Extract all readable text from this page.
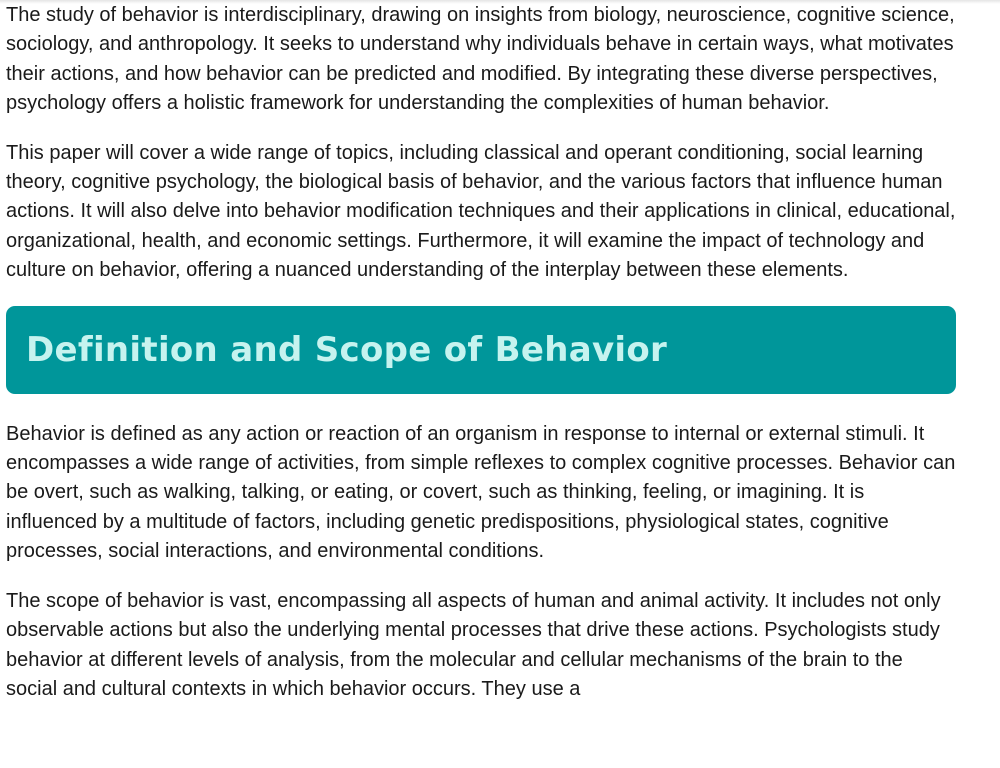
The study of behavior is interdisciplinary, drawing on insights from biology, neuroscience, cognitive science, sociology, and anthropology. It seeks to understand why individuals behave in certain ways, what motivates their actions, and how behavior can be predicted and modified. By integrating these diverse perspectives, psychology offers a holistic framework for understanding the complexities of human behavior.

This paper will cover a wide range of topics, including classical and operant conditioning, social learning theory, cognitive psychology, the biological basis of behavior, and the various factors that influence human actions. It will also delve into behavior modification techniques and their applications in clinical, educational, organizational, health, and economic settings. Furthermore, it will examine the impact of technology and culture on behavior, offering a nuanced understanding of the interplay between these elements.

Definition and Scope of Behavior

Behavior is defined as any action or reaction of an organism in response to internal or external stimuli. It encompasses a wide range of activities, from simple reflexes to complex cognitive processes. Behavior can be overt, such as walking, talking, or eating, or covert, such as thinking, feeling, or imagining. It is influenced by a multitude of factors, including genetic predispositions, physiological states, cognitive processes, social interactions, and environmental conditions.

The scope of behavior is vast, encompassing all aspects of human and animal activity. It includes not only observable actions but also the underlying mental processes that drive these actions. Psychologists study behavior at different levels of analysis, from the molecular and cellular mechanisms of the brain to the social and cultural contexts in which behavior occurs. They use a
